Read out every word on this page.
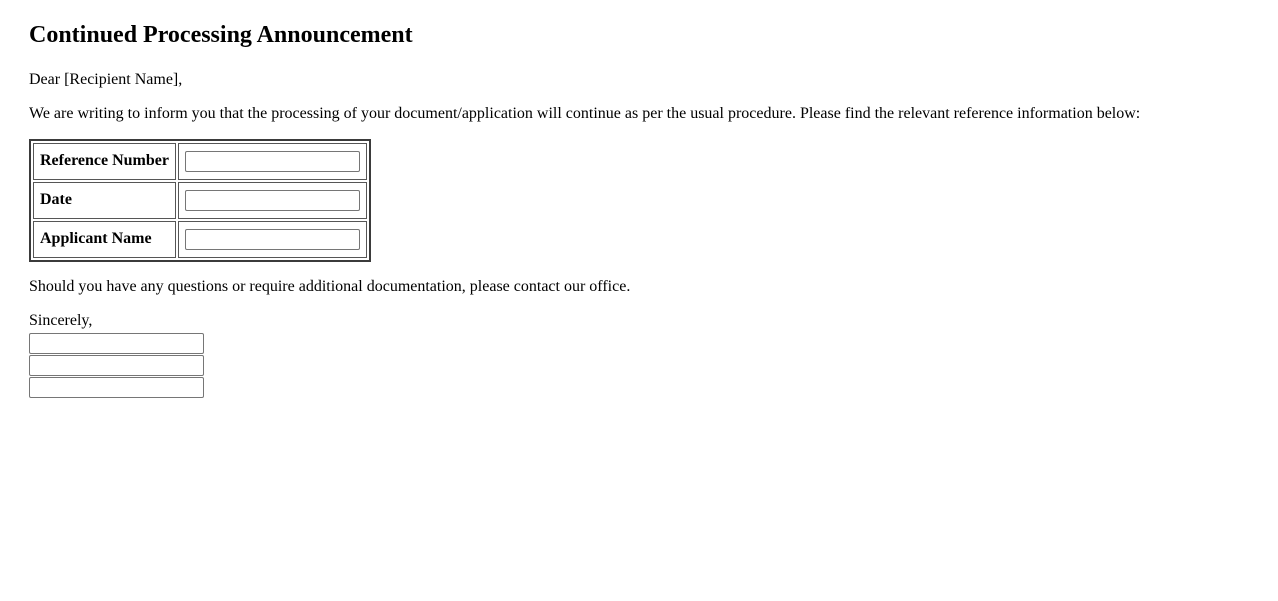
Continued Processing Announcement

Dear [Recipient Name],

We are writing to inform you that the processing of your document/application will continue as per the usual procedure. Please find the relevant reference information below:

Reference Number	
Date	
Applicant Name	

Should you have any questions or require additional documentation, please contact our office.

Sincerely,
